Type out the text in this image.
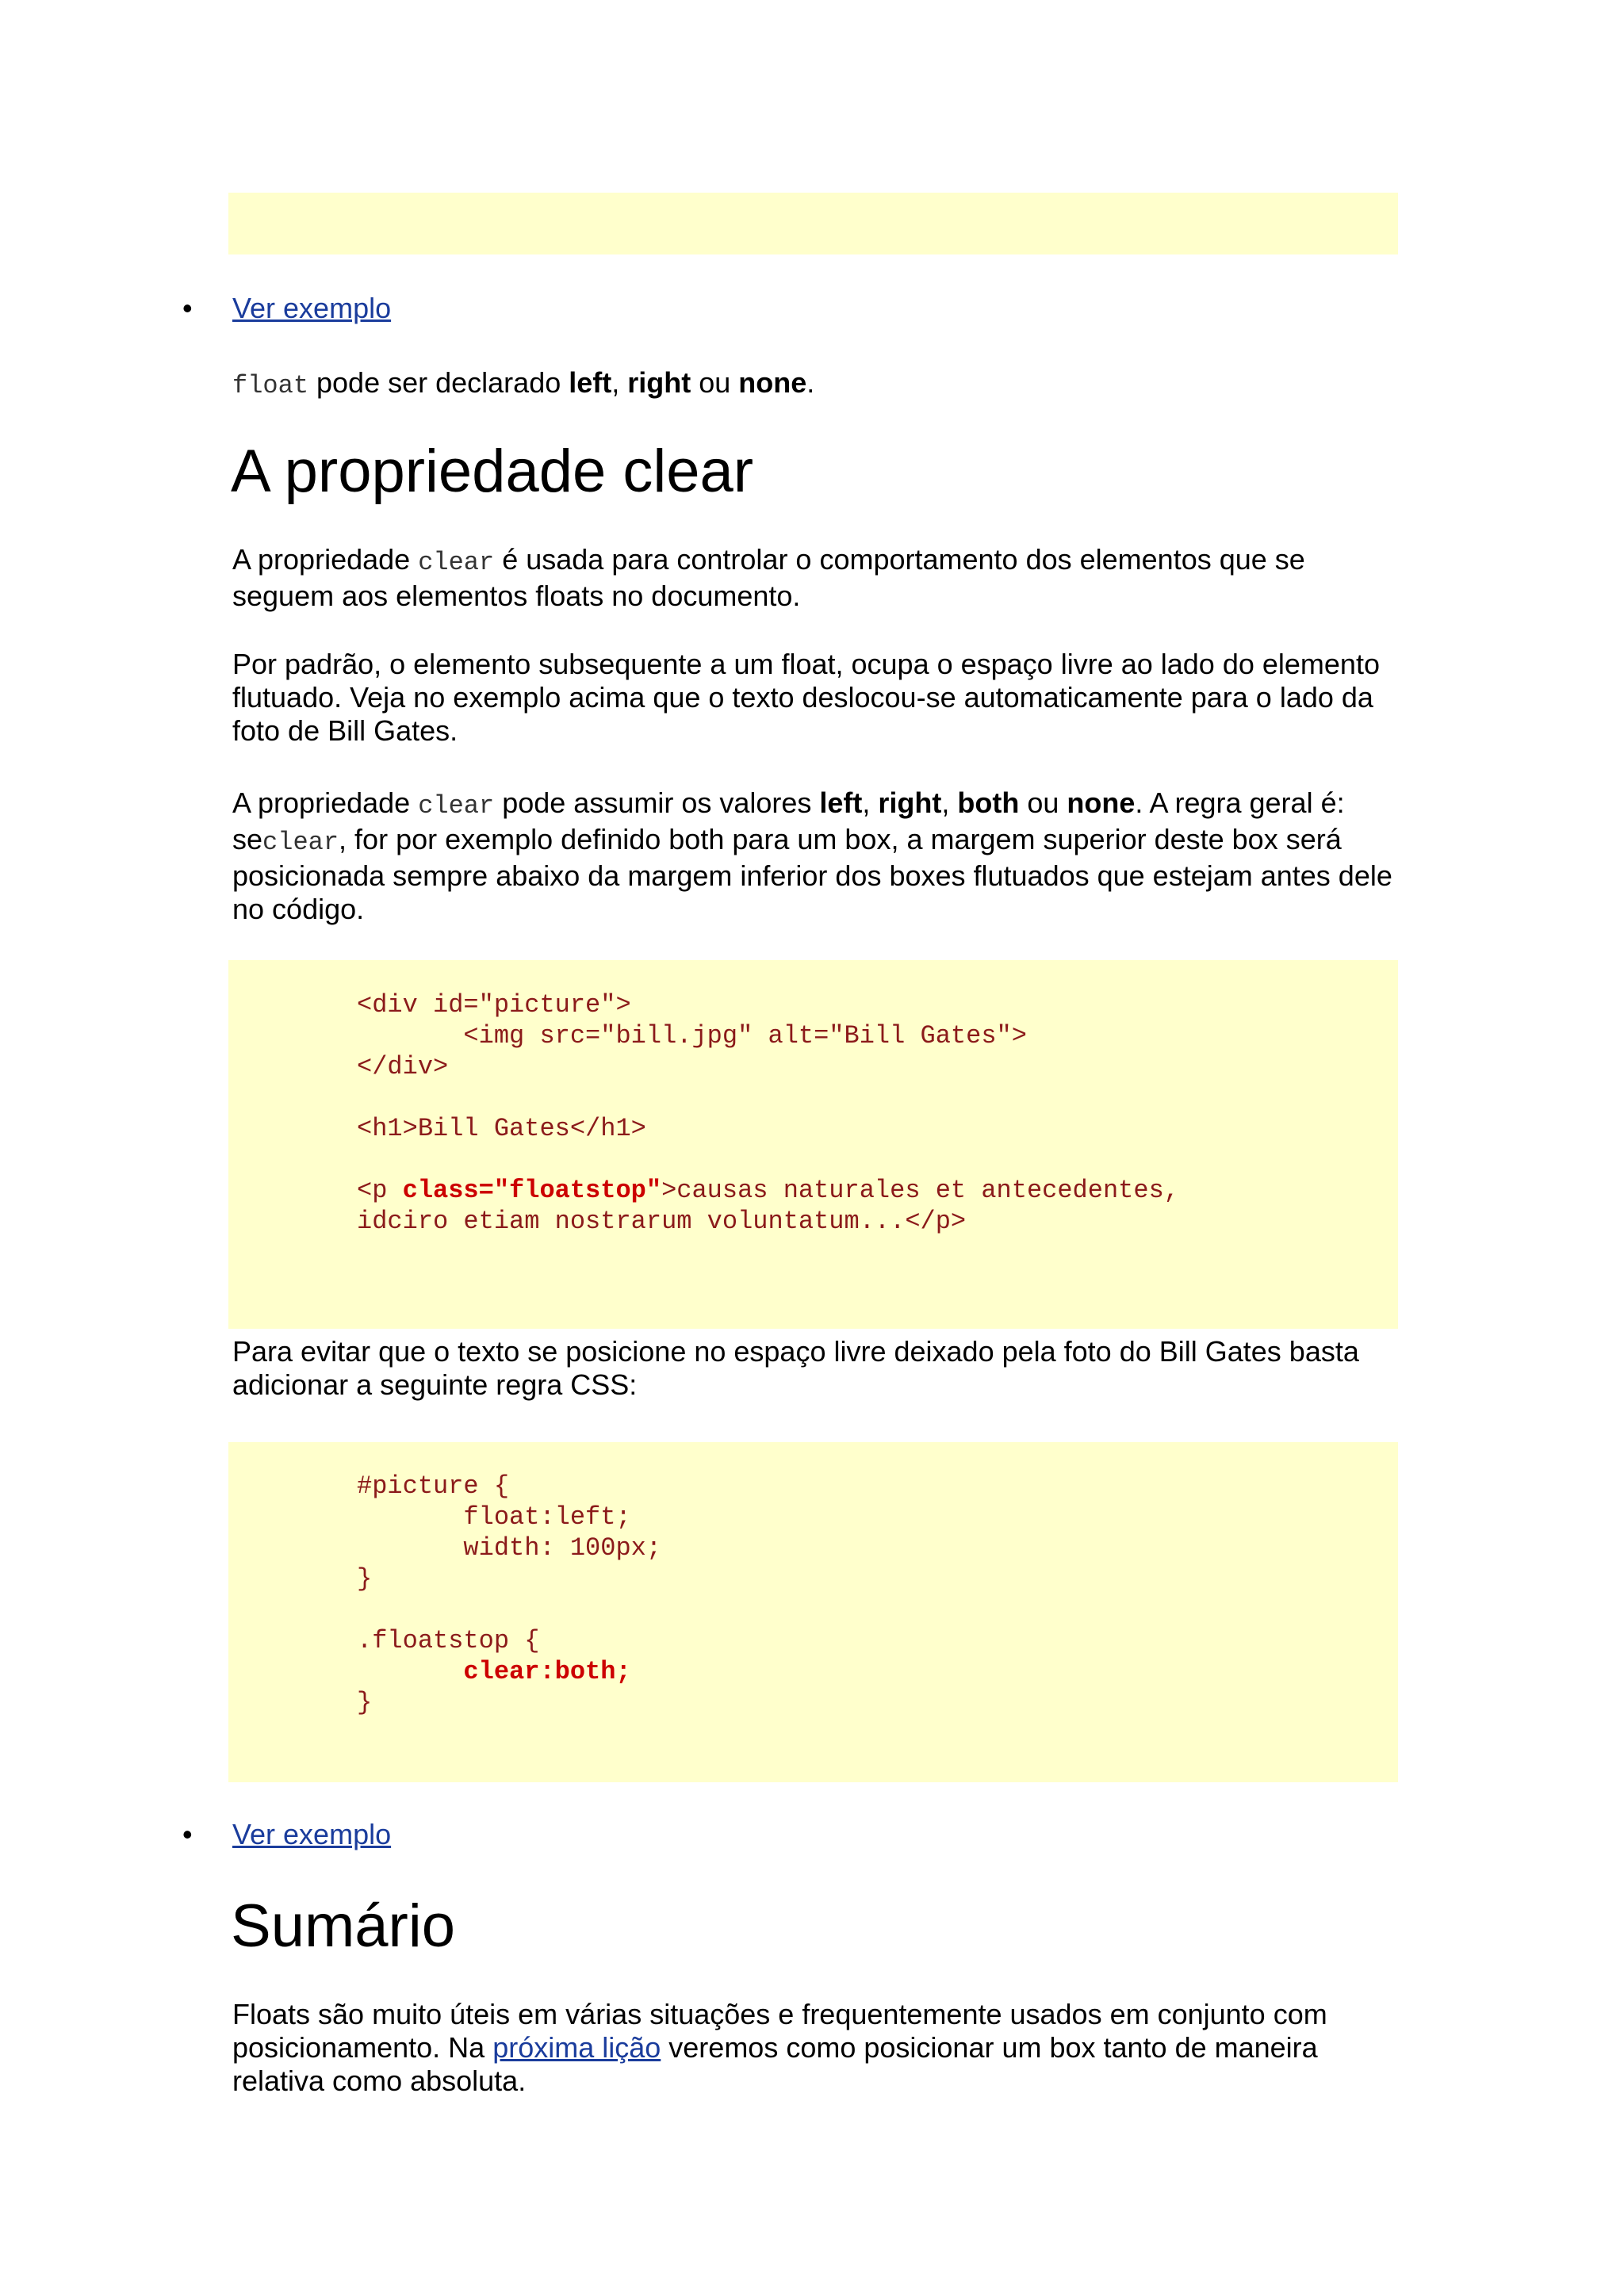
• Ver exemplo

float pode ser declarado left, right ou none.

A propriedade clear

A propriedade clear é usada para controlar o comportamento dos elementos que se seguem aos elementos floats no documento.

Por padrão, o elemento subsequente a um float, ocupa o espaço livre ao lado do elemento flutuado. Veja no exemplo acima que o texto deslocou-se automaticamente para o lado da foto de Bill Gates.

A propriedade clear pode assumir os valores left, right, both ou none. A regra geral é: seclear, for por exemplo definido both para um box, a margem superior deste box será posicionada sempre abaixo da margem inferior dos boxes flutuados que estejam antes dele no código.

<div id="picture">
<img src="bill.jpg" alt="Bill Gates">
</div>

<h1>Bill Gates</h1>

<p class="floatstop">causas naturales et antecedentes,
idciro etiam nostrarum voluntatum...</p>

Para evitar que o texto se posicione no espaço livre deixado pela foto do Bill Gates basta adicionar a seguinte regra CSS:

#picture {
float:left;
width: 100px;
}

.floatstop {
clear:both;
}
• Ver exemplo
Sumário

Floats são muito úteis em várias situações e frequentemente usados em conjunto com posicionamento. Na próxima lição veremos como posicionar um box tanto de maneira relativa como absoluta.
